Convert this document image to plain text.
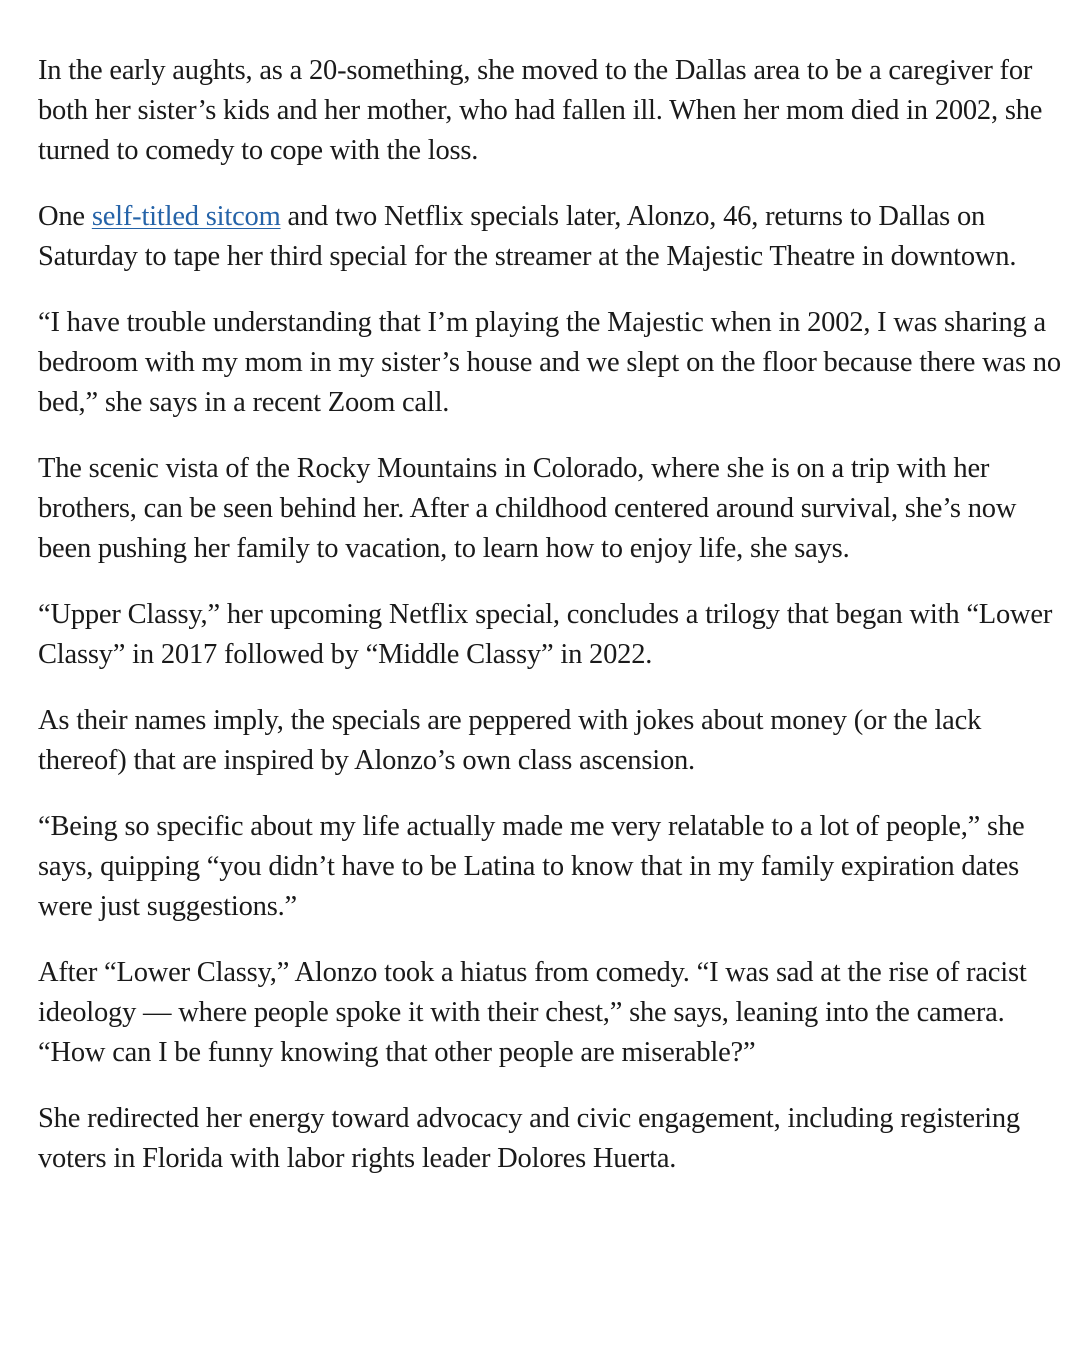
In the early aughts, as a 20-something, she moved to the Dallas area to be a caregiver for both her sister’s kids and her mother, who had fallen ill. When her mom died in 2002, she turned to comedy to cope with the loss.

One self-titled sitcom and two Netflix specials later, Alonzo, 46, returns to Dallas on Saturday to tape her third special for the streamer at the Majestic Theatre in downtown.

“I have trouble understanding that I’m playing the Majestic when in 2002, I was sharing a bedroom with my mom in my sister’s house and we slept on the floor because there was no bed,” she says in a recent Zoom call.

The scenic vista of the Rocky Mountains in Colorado, where she is on a trip with her brothers, can be seen behind her. After a childhood centered around survival, she’s now been pushing her family to vacation, to learn how to enjoy life, she says.

“Upper Classy,” her upcoming Netflix special, concludes a trilogy that began with “Lower Classy” in 2017 followed by “Middle Classy” in 2022.

As their names imply, the specials are peppered with jokes about money (or the lack thereof) that are inspired by Alonzo’s own class ascension.

“Being so specific about my life actually made me very relatable to a lot of people,” she says, quipping “you didn’t have to be Latina to know that in my family expiration dates were just suggestions.”

After “Lower Classy,” Alonzo took a hiatus from comedy. “I was sad at the rise of racist ideology — where people spoke it with their chest,” she says, leaning into the camera. “How can I be funny knowing that other people are miserable?”

She redirected her energy toward advocacy and civic engagement, including registering voters in Florida with labor rights leader Dolores Huerta.
